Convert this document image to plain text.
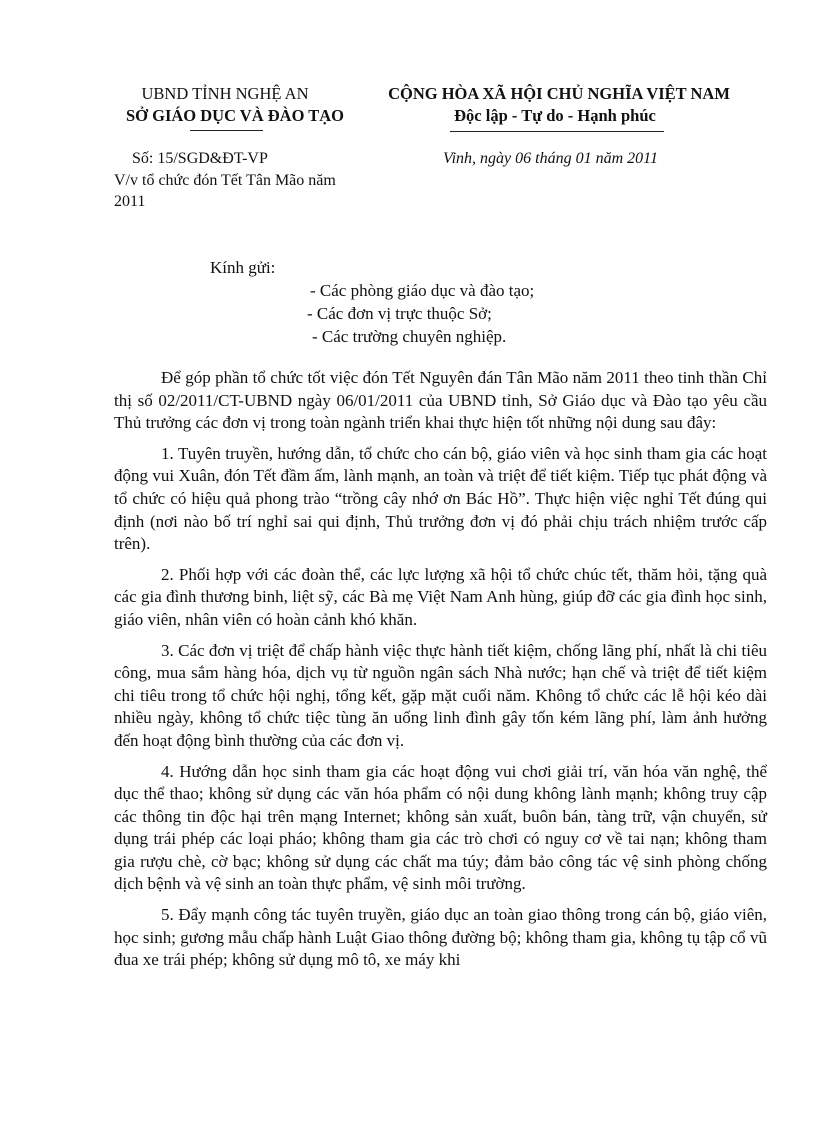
UBND TỈNH NGHỆ AN
SỞ GIÁO DỤC VÀ ĐÀO TẠO
CỘNG HÒA XÃ HỘI CHỦ NGHĨA VIỆT NAM
Độc lập - Tự do - Hạnh phúc
Số: 15/SGD&ĐT-VP
V/v tổ chức đón Tết Tân Mão năm
2011
Vinh, ngày 06 tháng 01 năm 2011
Kính gửi:
- Các phòng giáo dục và đào tạo;
- Các đơn vị trực thuộc Sở;
- Các trường chuyên nghiệp.

Để góp phần tổ chức tốt việc đón Tết Nguyên đán Tân Mão năm 2011 theo tinh thần Chỉ thị số 02/2011/CT-UBND ngày 06/01/2011 của UBND tỉnh, Sở Giáo dục và Đào tạo yêu cầu Thủ trưởng các đơn vị trong toàn ngành triển khai thực hiện tốt những nội dung sau đây:

1. Tuyên truyền, hướng dẫn, tổ chức cho cán bộ, giáo viên và học sinh tham gia các hoạt động vui Xuân, đón Tết đầm ấm, lành mạnh, an toàn và triệt để tiết kiệm. Tiếp tục phát động và tổ chức có hiệu quả phong trào “trồng cây nhớ ơn Bác Hồ”. Thực hiện việc nghỉ Tết đúng qui định (nơi nào bố trí nghỉ sai qui định, Thủ trưởng đơn vị đó phải chịu trách nhiệm trước cấp trên).

2. Phối hợp với các đoàn thể, các lực lượng xã hội tổ chức chúc tết, thăm hỏi, tặng quà các gia đình thương binh, liệt sỹ, các Bà mẹ Việt Nam Anh hùng, giúp đỡ các gia đình học sinh, giáo viên, nhân viên có hoàn cảnh khó khăn.

3. Các đơn vị triệt để chấp hành việc thực hành tiết kiệm, chống lãng phí, nhất là chi tiêu công, mua sắm hàng hóa, dịch vụ từ nguồn ngân sách Nhà nước; hạn chế và triệt để tiết kiệm chi tiêu trong tổ chức hội nghị, tổng kết, gặp mặt cuối năm. Không tổ chức các lễ hội kéo dài nhiều ngày, không tổ chức tiệc tùng ăn uống linh đình gây tốn kém lãng phí, làm ảnh hưởng đến hoạt động bình thường của các đơn vị.

4. Hướng dẫn học sinh tham gia các hoạt động vui chơi giải trí, văn hóa văn nghệ, thể dục thể thao; không sử dụng các văn hóa phẩm có nội dung không lành mạnh; không truy cập các thông tin độc hại trên mạng Internet; không sản xuất, buôn bán, tàng trữ, vận chuyển, sử dụng trái phép các loại pháo; không tham gia các trò chơi có nguy cơ về tai nạn; không tham gia rượu chè, cờ bạc; không sử dụng các chất ma túy; đảm bảo công tác vệ sinh phòng chống dịch bệnh và vệ sinh an toàn thực phẩm, vệ sinh môi trường.

5. Đẩy mạnh công tác tuyên truyền, giáo dục an toàn giao thông trong cán bộ, giáo viên, học sinh; gương mẫu chấp hành Luật Giao thông đường bộ; không tham gia, không tụ tập cổ vũ đua xe trái phép; không sử dụng mô tô, xe máy khi
